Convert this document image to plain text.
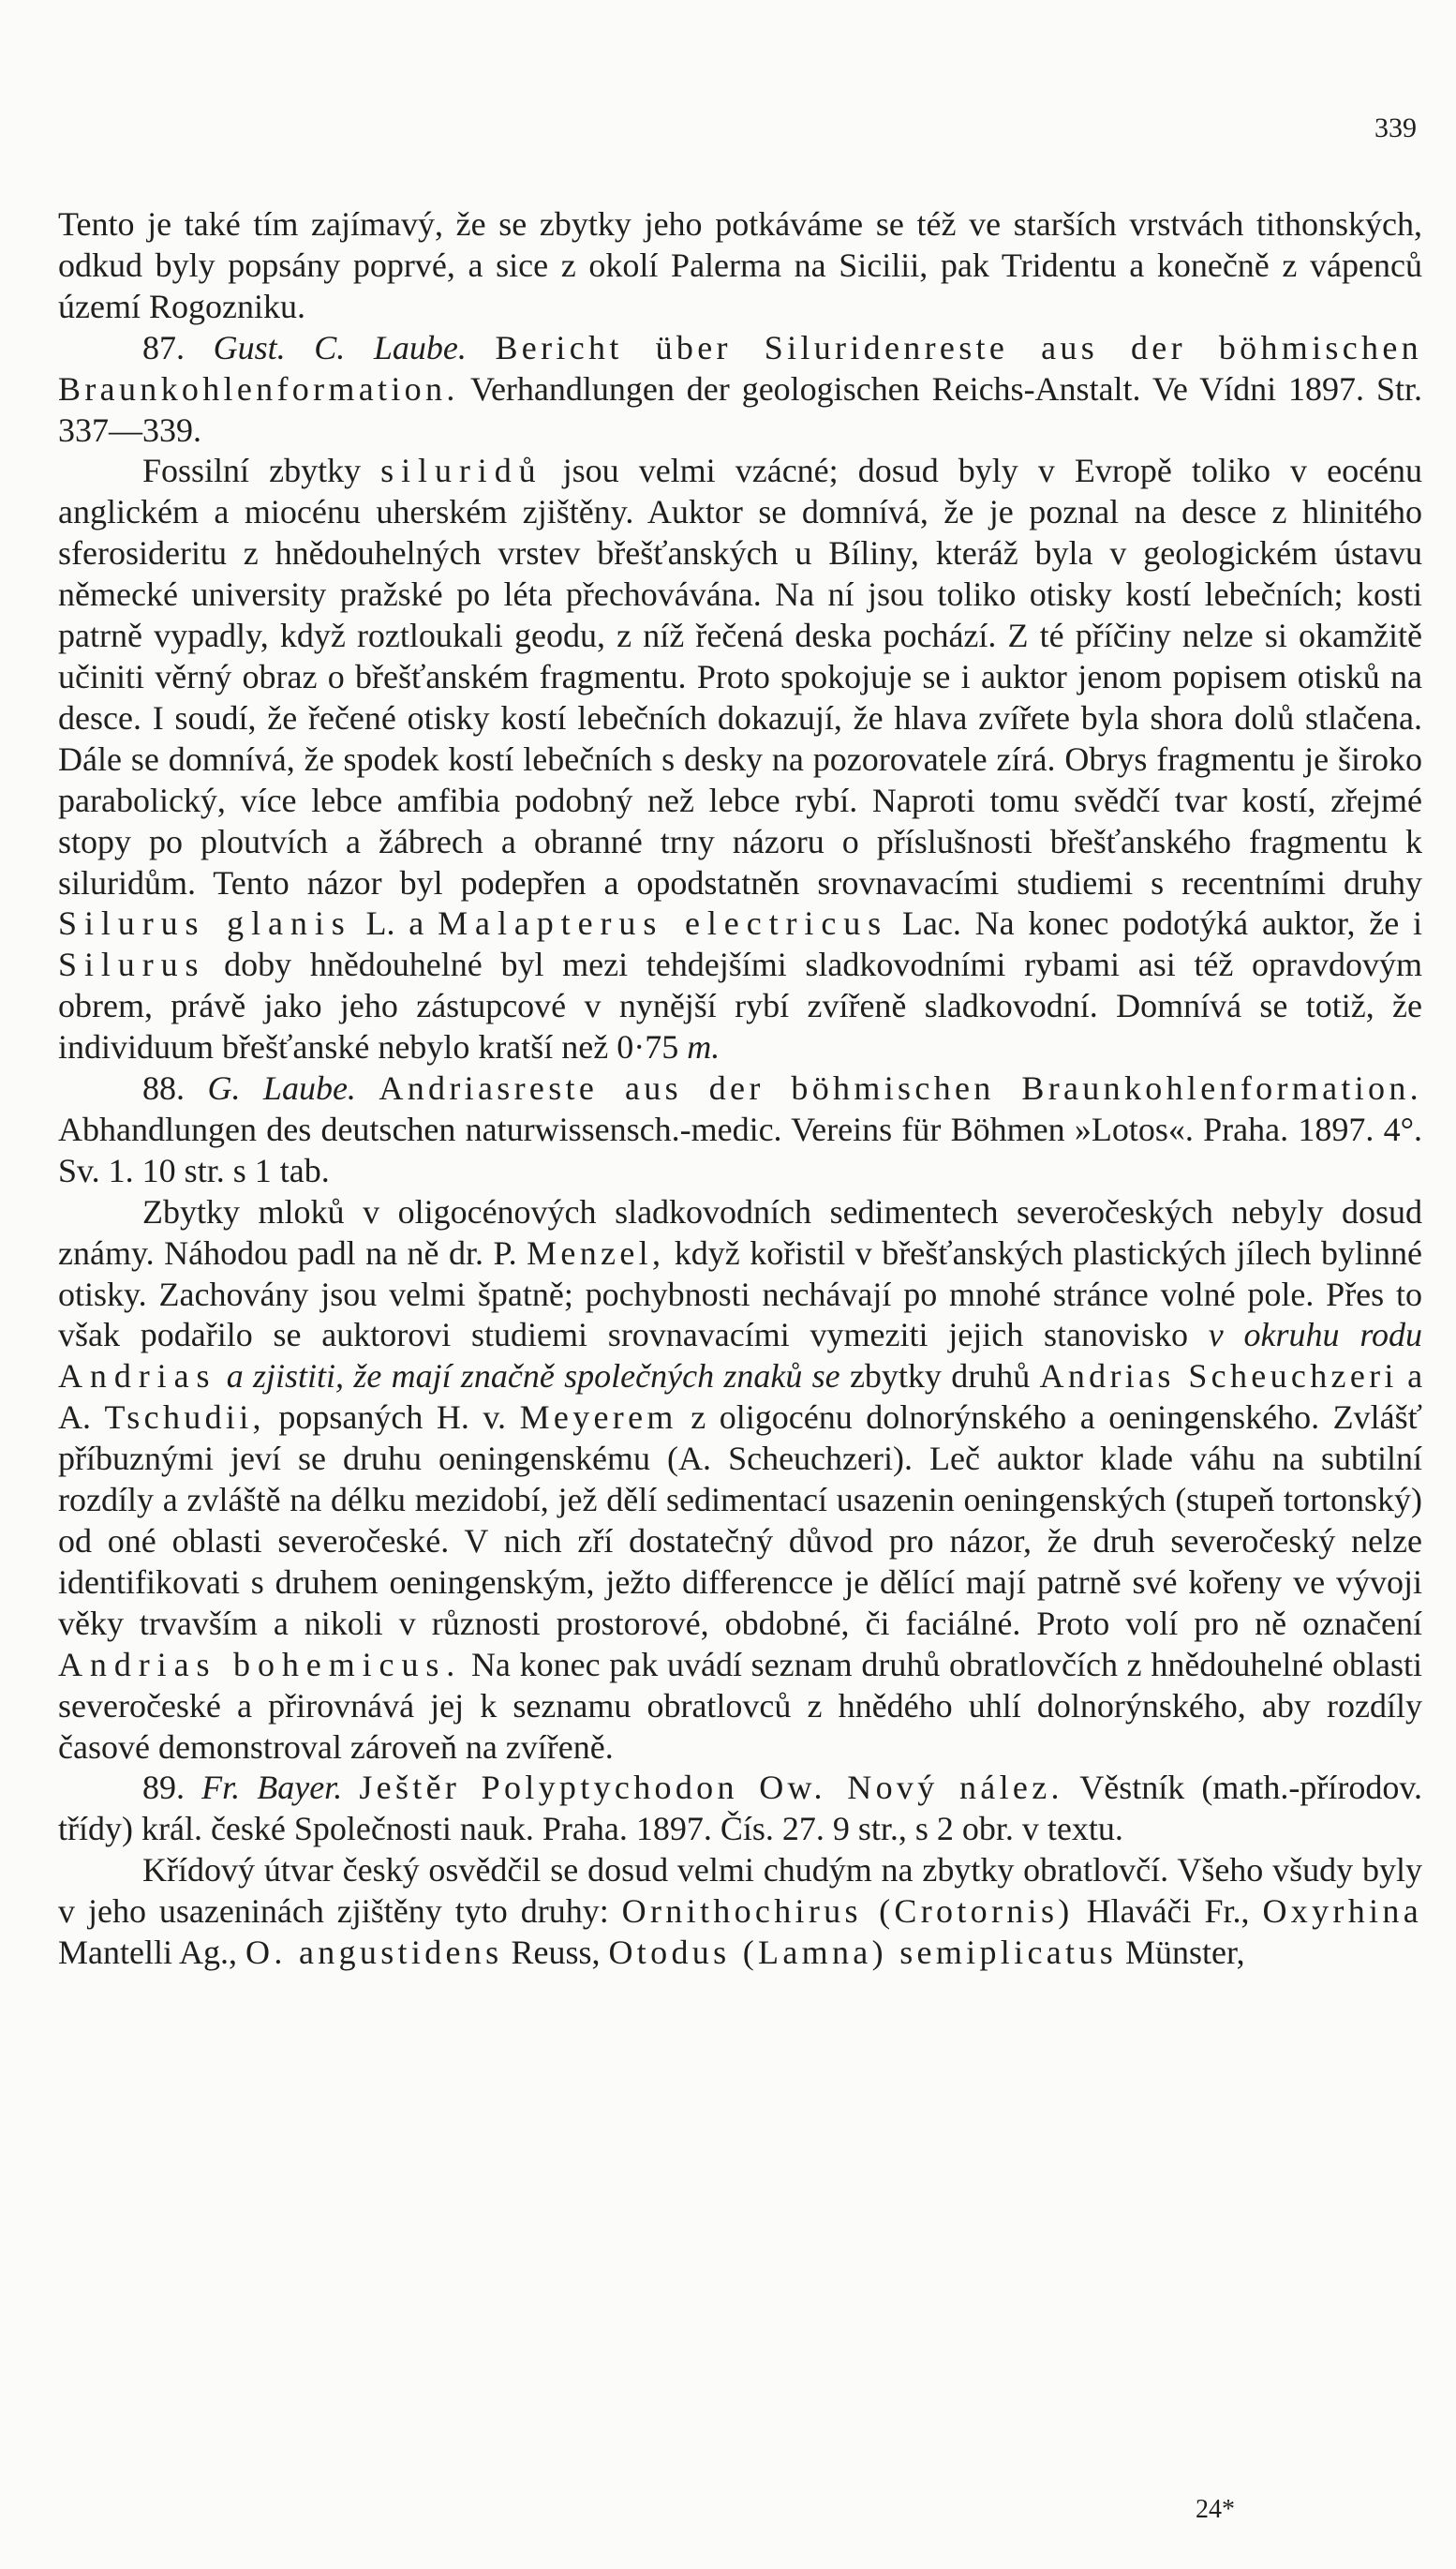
339

Tento je také tím zajímavý, že se zbytky jeho potkáváme se též ve starších vrstvách tithonských, odkud byly popsány poprvé, a sice z okolí Palerma na Sicilii, pak Tridentu a konečně z vápenců území Rogozniku.

87. Gust. C. Laube. Bericht über Siluridenreste aus der böhmischen Braunkohlenformation. Verhandlungen der geologischen Reichs-Anstalt. Ve Vídni 1897. Str. 337—339.

Fossilní zbytky siluridů jsou velmi vzácné; dosud byly v Evropě toliko v eocénu anglickém a miocénu uherském zjištěny. Auktor se domnívá, že je poznal na desce z hlinitého sferosideritu z hnědouhelných vrstev břešťanských u Bíliny, kteráž byla v geologickém ústavu německé university pražské po léta přechovávána. Na ní jsou toliko otisky kostí lebečních; kosti patrně vypadly, když roztloukali geodu, z níž řečená deska pochází. Z té příčiny nelze si okamžitě učiniti věrný obraz o břešťanském fragmentu. Proto spokojuje se i auktor jenom popisem otisků na desce. I soudí, že řečené otisky kostí lebečních dokazují, že hlava zvířete byla shora dolů stlačena. Dále se domnívá, že spodek kostí lebečních s desky na pozorovatele zírá. Obrys fragmentu je široko parabolický, více lebce amfibia podobný než lebce rybí. Naproti tomu svědčí tvar kostí, zřejmé stopy po ploutvích a žábrech a obranné trny názoru o příslušnosti břešťanského fragmentu k siluridům. Tento názor byl podepřen a opodstatněn srovnavacími studiemi s recentními druhy Silurus glanis L. a Malapterus electricus Lac. Na konec podotýká auktor, že i Silurus doby hnědouhelné byl mezi tehdejšími sladkovodními rybami asi též opravdovým obrem, právě jako jeho zástupcové v nynější rybí zvířeně sladkovodní. Domnívá se totiž, že individuum břešťanské nebylo kratší než 0·75 m.

88. G. Laube. Andriasreste aus der böhmischen Braunkohlenformation. Abhandlungen des deutschen naturwissensch.-medic. Vereins für Böhmen »Lotos«. Praha. 1897. 4°. Sv. 1. 10 str. s 1 tab.

Zbytky mloků v oligocénových sladkovodních sedimentech severočeských nebyly dosud známy. Náhodou padl na ně dr. P. Menzel, když kořistil v břešťanských plastických jílech bylinné otisky. Zachovány jsou velmi špatně; pochybnosti nechávají po mnohé stránce volné pole. Přes to však podařilo se auktorovi studiemi srovnavacími vymeziti jejich stanovisko v okruhu rodu Andrias a zjistiti, že mají značně společných znaků se zbytky druhů Andrias Scheuchzeri a A. Tschudii, popsaných H. v. Meyerem z oligocénu dolnorýnského a oeningenského. Zvlášť příbuznými jeví se druhu oeningenskému (A. Scheuchzeri). Leč auktor klade váhu na subtilní rozdíly a zvláště na délku mezidobí, jež dělí sedimentací usazenin oeningenských (stupeň tortonský) od oné oblasti severočeské. V nich zří dostatečný důvod pro názor, že druh severočeský nelze identifikovati s druhem oeningenským, ježto differencce je dělící mají patrně své kořeny ve vývoji věky trvavším a nikoli v různosti prostorové, obdobné, či faciálné. Proto volí pro ně označení Andrias bohemicus. Na konec pak uvádí seznam druhů obratlovčích z hnědouhelné oblasti severočeské a přirovnává jej k seznamu obratlovců z hnědého uhlí dolnorýnského, aby rozdíly časové demonstroval zároveň na zvířeně.

89. Fr. Bayer. Ještěr Polyptychodon Ow. Nový nález. Věstník (math.-přírodov. třídy) král. české Společnosti nauk. Praha. 1897. Čís. 27. 9 str., s 2 obr. v textu.

Křídový útvar český osvědčil se dosud velmi chudým na zbytky obratlovčí. Všeho všudy byly v jeho usazeninách zjištěny tyto druhy: Ornithochirus (Crotornis) Hlaváči Fr., Oxyrhina Mantelli Ag., O. angustidens Reuss, Otodus (Lamna) semiplicatus Münster,

24*
